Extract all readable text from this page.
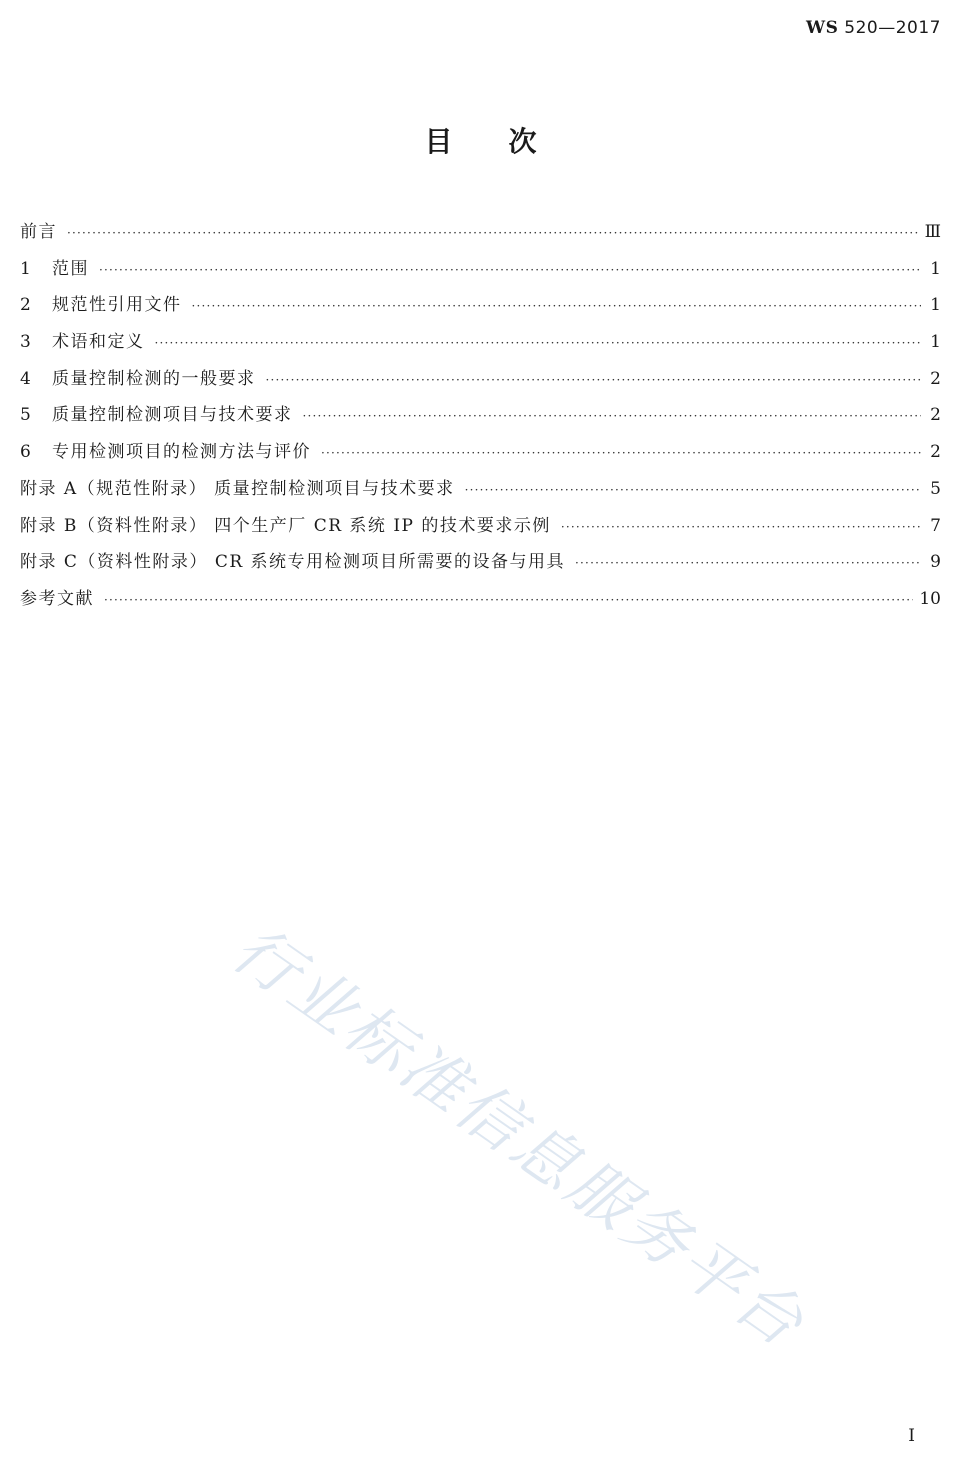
WS 520—2017
目 次
前言 ·····	Ⅲ
1	范围 ·····	1
2	规范性引用文件 ·····	1
3	术语和定义 ·····	1
4	质量控制检测的一般要求 ·····	2
5	质量控制检测项目与技术要求 ·····	2
6	专用检测项目的检测方法与评价 ·····	2
附录 A（规范性附录） 质量控制检测项目与技术要求 ·····	5
附录 B（资料性附录） 四个生产厂 CR 系统 IP 的技术要求示例 ·····	7
附录 C（资料性附录） CR 系统专用检测项目所需要的设备与用具 ·····	9
参考文献 ·····	10
行业标准信息服务平台
I
